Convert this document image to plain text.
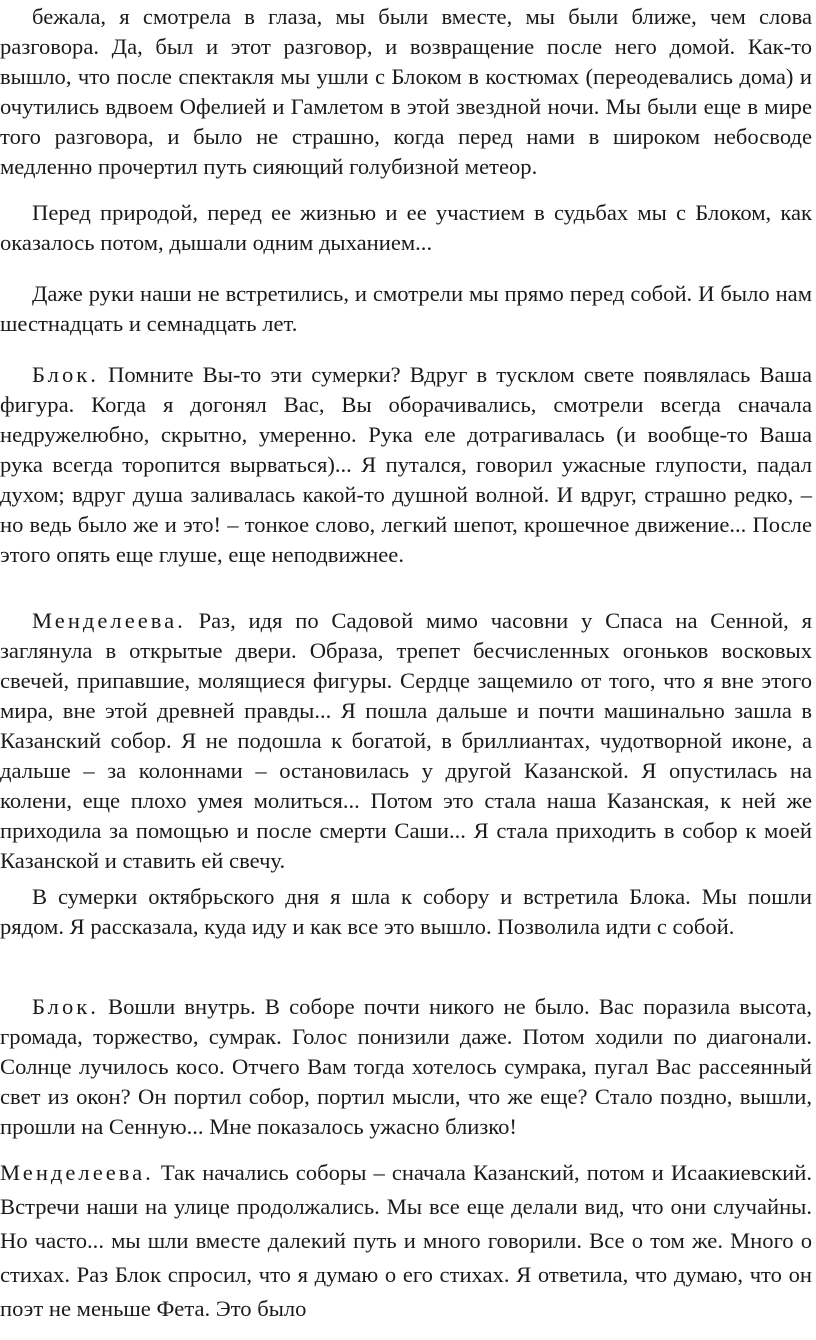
бежала, я смотрела в глаза, мы были вместе, мы были ближе, чем слова разговора. Да, был и этот разговор, и возвращение после него домой. Как-то вышло, что после спектакля мы ушли с Блоком в костюмах (переодевались дома) и очутились вдвоем Офелией и Гамлетом в этой звездной ночи. Мы были еще в мире того разговора, и было не страшно, когда перед нами в широком небосводе медленно прочертил путь сияющий голубизной метеор.

Перед природой, перед ее жизнью и ее участием в судьбах мы с Блоком, как оказалось потом, дышали одним дыханием...

Даже руки наши не встретились, и смотрели мы прямо перед собой. И было нам шестнадцать и семнадцать лет.

Блок. Помните Вы-то эти сумерки? Вдруг в тусклом свете появлялась Ваша фигура. Когда я догонял Вас, Вы оборачивались, смотрели всегда сначала недружелюбно, скрытно, умеренно. Рука еле дотрагивалась (и вообще-то Ваша рука всегда торопится вырваться)... Я путался, говорил ужасные глупости, падал духом; вдруг душа заливалась какой-то душной волной. И вдруг, страшно редко, – но ведь было же и это! – тонкое слово, легкий шепот, крошечное движение... После этого опять еще глуше, еще неподвижнее.

Менделеева. Раз, идя по Садовой мимо часовни у Спаса на Сенной, я заглянула в открытые двери. Образа, трепет бесчисленных огоньков восковых свечей, припавшие, молящиеся фигуры. Сердце защемило от того, что я вне этого мира, вне этой древней правды... Я пошла дальше и почти машинально зашла в Казанский собор. Я не подошла к богатой, в бриллиантах, чудотворной иконе, а дальше – за колоннами – остановилась у другой Казанской. Я опустилась на колени, еще плохо умея молиться... Потом это стала наша Казанская, к ней же приходила за помощью и после смерти Саши... Я стала приходить в собор к моей Казанской и ставить ей свечу.

В сумерки октябрьского дня я шла к собору и встретила Блока. Мы пошли рядом. Я рассказала, куда иду и как все это вышло. Позволила идти с собой.

Блок. Вошли внутрь. В соборе почти никого не было. Вас поразила высота, громада, торжество, сумрак. Голос понизили даже. Потом ходили по диагонали. Солнце лучилось косо. Отчего Вам тогда хотелось сумрака, пугал Вас рассеянный свет из окон? Он портил собор, портил мысли, что же еще? Стало поздно, вышли, прошли на Сенную... Мне показалось ужасно близко!

Менделеева. Так начались соборы – сначала Казанский, потом и Исаакиевский. Встречи наши на улице продолжались. Мы все еще делали вид, что они случайны. Но часто... мы шли вместе далекий путь и много говорили. Все о том же. Много о стихах. Раз Блок спросил, что я думаю о его стихах. Я ответила, что думаю, что он поэт не меньше Фета. Это было
